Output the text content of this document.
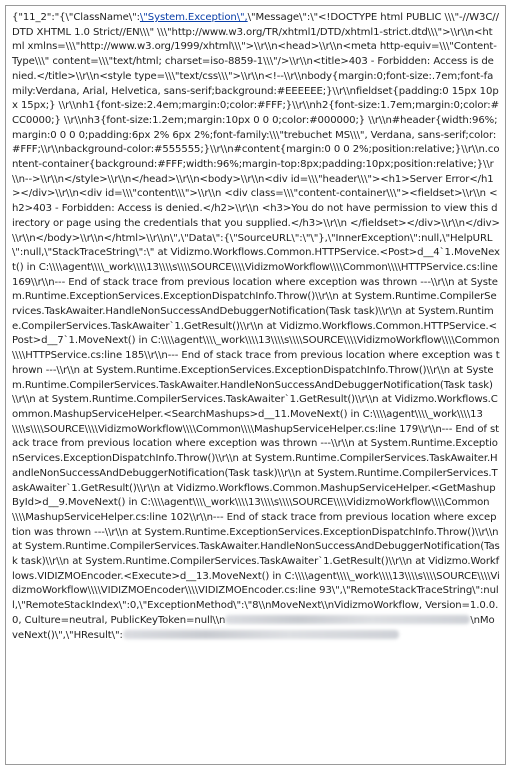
{"11_2":"{\"ClassName\":\"System.Exception\",\"Message\":\"<!DOCTYPE html PUBLIC \\\"-//W3C//DTD XHTML 1.0 Strict//EN\\\" \\\"http://www.w3.org/TR/xhtml1/DTD/xhtml1-strict.dtd\\\">\\r\\n<html xmlns=\\\"http://www.w3.org/1999/xhtml\\\">\\r\\n<head>\\r\\n<meta http-equiv=\\\"Content-Type\\\" content=\\\"text/html; charset=iso-8859-1\\\"/>\\r\\n<title>403 - Forbidden: Access is denied.</title>\\r\\n<style type=\\\"text/css\\\">\\r\\n<!--\\r\\nbody{margin:0;font-size:.7em;font-family:Verdana, Arial, Helvetica, sans-serif;background:#EEEEEE;}\\r\\nfieldset{padding:0 15px 10px 15px;} \\r\\nh1{font-size:2.4em;margin:0;color:#FFF;}\\r\\nh2{font-size:1.7em;margin:0;color:#CC0000;} \\r\\nh3{font-size:1.2em;margin:10px 0 0 0;color:#000000;} \\r\\n#header{width:96%;margin:0 0 0 0;padding:6px 2% 6px 2%;font-family:\\\"trebuchet MS\\\", Verdana, sans-serif;color:#FFF;\\r\\nbackground-color:#555555;}\\r\\n#content{margin:0 0 0 2%;position:relative;}\\r\\n.content-container{background:#FFF;width:96%;margin-top:8px;padding:10px;position:relative;}\\r\\n-->\\r\\n</style>\\r\\n</head>\\r\\n<body>\\r\\n<div id=\\\"header\\\"><h1>Server Error</h1></div>\\r\\n<div id=\\\"content\\\">\\r\\n <div class=\\\"content-container\\\"><fieldset>\\r\\n <h2>403 - Forbidden: Access is denied.</h2>\\r\\n <h3>You do not have permission to view this directory or page using the credentials that you supplied.</h3>\\r\\n </fieldset></div>\\r\\n</div>\\r\\n</body>\\r\\n</html>\\r\\n\",\"Data\":{\"SourceURL\":\"\"},\"InnerException\":null,\"HelpURL\":null,\"StackTraceString\":\" at Vidizmo.Workflows.Common.HTTPService.<Post>d__4`1.MoveNext() in C:\\\\agent\\\\_work\\\\13\\\\s\\\\SOURCE\\\\VidizmoWorkflow\\\\Common\\\\HTTPService.cs:line 169\\r\\n--- End of stack trace from previous location where exception was thrown ---\\r\\n at System.Runtime.ExceptionServices.ExceptionDispatchInfo.Throw()\\r\\n at System.Runtime.CompilerServices.TaskAwaiter.HandleNonSuccessAndDebuggerNotification(Task task)\\r\\n at System.Runtime.CompilerServices.TaskAwaiter`1.GetResult()\\r\\n at Vidizmo.Workflows.Common.HTTPService.<Post>d__7`1.MoveNext() in C:\\\\agent\\\\_work\\\\13\\\\s\\\\SOURCE\\\\VidizmoWorkflow\\\\Common\\\\HTTPService.cs:line 185\\r\\n--- End of stack trace from previous location where exception was thrown ---\\r\\n at System.Runtime.ExceptionServices.ExceptionDispatchInfo.Throw()\\r\\n at System.Runtime.CompilerServices.TaskAwaiter.HandleNonSuccessAndDebuggerNotification(Task task)\\r\\n at System.Runtime.CompilerServices.TaskAwaiter`1.GetResult()\\r\\n at Vidizmo.Workflows.Common.MashupServiceHelper.<SearchMashups>d__11.MoveNext() in C:\\\\agent\\\\_work\\\\13\\\\s\\\\SOURCE\\\\VidizmoWorkflow\\\\Common\\\\MashupServiceHelper.cs:line 179\\r\\n--- End of stack trace from previous location where exception was thrown ---\\r\\n at System.Runtime.ExceptionServices.ExceptionDispatchInfo.Throw()\\r\\n at System.Runtime.CompilerServices.TaskAwaiter.HandleNonSuccessAndDebuggerNotification(Task task)\\r\\n at System.Runtime.CompilerServices.TaskAwaiter`1.GetResult()\\r\\n at Vidizmo.Workflows.Common.MashupServiceHelper.<GetMashupById>d__9.MoveNext() in C:\\\\agent\\\\_work\\\\13\\\\s\\\\SOURCE\\\\VidizmoWorkflow\\\\Common\\\\MashupServiceHelper.cs:line 102\\r\\n--- End of stack trace from previous location where exception was thrown ---\\r\\n at System.Runtime.ExceptionServices.ExceptionDispatchInfo.Throw()\\r\\n at System.Runtime.CompilerServices.TaskAwaiter.HandleNonSuccessAndDebuggerNotification(Task task)\\r\\n at System.Runtime.CompilerServices.TaskAwaiter`1.GetResult()\\r\\n at Vidizmo.Workflows.VIDIZMOEncoder.<Execute>d__13.MoveNext() in C:\\\\agent\\\\_work\\\\13\\\\s\\\\SOURCE\\\\VidizmoWorkflow\\\\VIDIZMOEncoder\\\\VIDIZMOEncoder.cs:line 93\",\"RemoteStackTraceString\":null,\"RemoteStackIndex\":0,\"ExceptionMethod\":\"8\\nMoveNext\\nVidizmoWorkflow, Version=1.0.0.0, Culture=neutral, PublicKeyToken=null\\n	\nMoveNext()\",\"HResult\":
